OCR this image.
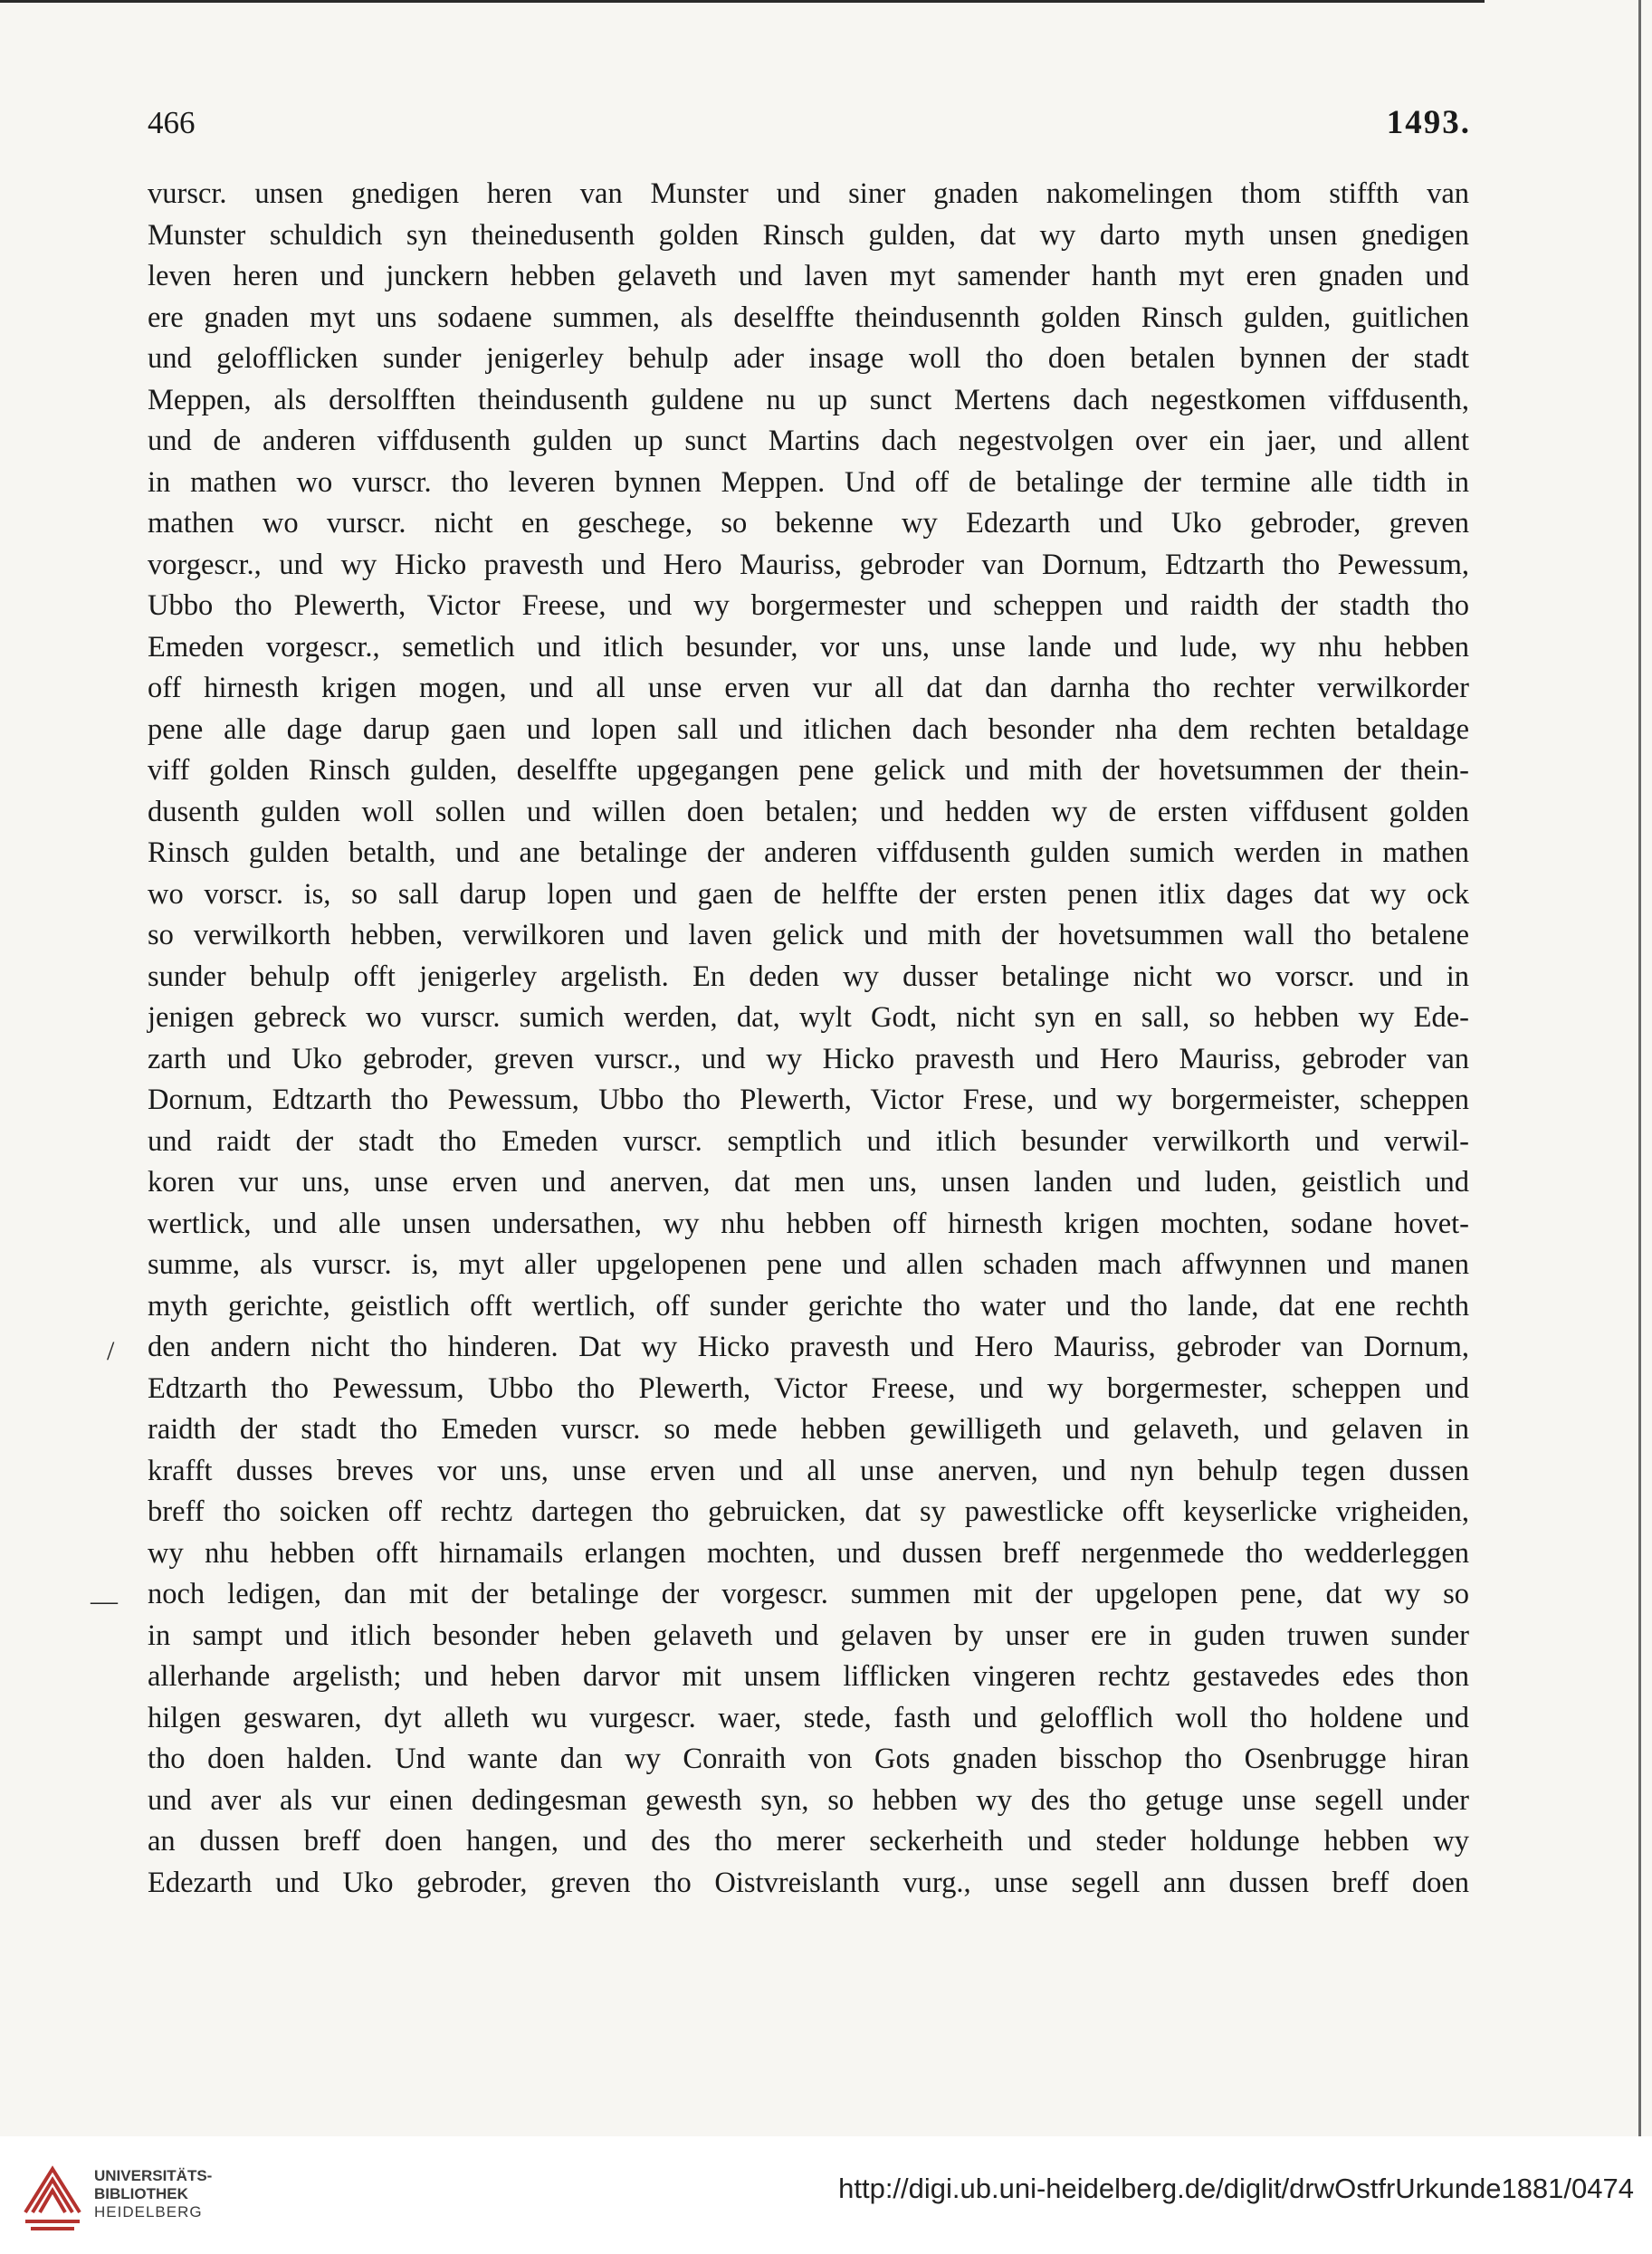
466	1493.
vurscr. unsen gnedigen heren van Munster und siner gnaden nakomelingen thom stiffth van
Munster schuldich syn theinedusenth golden Rinsch gulden, dat wy darto myth unsen gnedigen
leven heren und junckern hebben gelaveth und laven myt samender hanth myt eren gnaden und
ere gnaden myt uns sodaene summen, als deselffte theindusennth golden Rinsch gulden, guitlichen
und gelofflicken sunder jenigerley behulp ader insage woll tho doen betalen bynnen der stadt
Meppen, als dersolfften theindusenth guldene nu up sunct Mertens dach negestkomen viffdusenth,
und de anderen viffdusenth gulden up sunct Martins dach negestvolgen over ein jaer, und allent
in mathen wo vurscr. tho leveren bynnen Meppen. Und off de betalinge der termine alle tidth in
mathen wo vurscr. nicht en geschege, so bekenne wy Edezarth und Uko gebroder, greven
vorgescr., und wy Hicko pravesth und Hero Mauriss, gebroder van Dornum, Edtzarth tho Pewessum,
Ubbo tho Plewerth, Victor Freese, und wy borgermester und scheppen und raidth der stadth tho
Emeden vorgescr., semetlich und itlich besunder, vor uns, unse lande und lude, wy nhu hebben
off hirnesth krigen mogen, und all unse erven vur all dat dan darnha tho rechter verwilkorder
pene alle dage darup gaen und lopen sall und itlichen dach besonder nha dem rechten betaldage
viff golden Rinsch gulden, deselffte upgegangen pene gelick und mith der hovetsummen der thein-
dusenth gulden woll sollen und willen doen betalen; und hedden wy de ersten viffdusent golden
Rinsch gulden betalth, und ane betalinge der anderen viffdusenth gulden sumich werden in mathen
wo vorscr. is, so sall darup lopen und gaen de helffte der ersten penen itlix dages dat wy ock
so verwilkorth hebben, verwilkoren und laven gelick und mith der hovetsummen wall tho betalene
sunder behulp offt jenigerley argelisth. En deden wy dusser betalinge nicht wo vorscr. und in
jenigen gebreck wo vurscr. sumich werden, dat, wylt Godt, nicht syn en sall, so hebben wy Ede-
zarth und Uko gebroder, greven vurscr., und wy Hicko pravesth und Hero Mauriss, gebroder van
Dornum, Edtzarth tho Pewessum, Ubbo tho Plewerth, Victor Frese, und wy borgermeister, scheppen
und raidt der stadt tho Emeden vurscr. semptlich und itlich besunder verwilkorth und verwil-
koren vur uns, unse erven und anerven, dat men uns, unsen landen und luden, geistlich und
wertlick, und alle unsen undersathen, wy nhu hebben off hirnesth krigen mochten, sodane hovet-
summe, als vurscr. is, myt aller upgelopenen pene und allen schaden mach affwynnen und manen
myth gerichte, geistlich offt wertlich, off sunder gerichte tho water und tho lande, dat ene rechth
den andern nicht tho hinderen. Dat wy Hicko pravesth und Hero Mauriss, gebroder van Dornum,
Edtzarth tho Pewessum, Ubbo tho Plewerth, Victor Freese, und wy borgermester, scheppen und
raidth der stadt tho Emeden vurscr. so mede hebben gewilligeth und gelaveth, und gelaven in
krafft dusses breves vor uns, unse erven und all unse anerven, und nyn behulp tegen dussen
breff tho soicken off rechtz dartegen tho gebruicken, dat sy pawestlicke offt keyserlicke vrigheiden,
wy nhu hebben offt hirnamails erlangen mochten, und dussen breff nergenmede tho wedderleggen
noch ledigen, dan mit der betalinge der vorgescr. summen mit der upgelopen pene, dat wy so
in sampt und itlich besonder heben gelaveth und gelaven by unser ere in guden truwen sunder
allerhande argelisth; und heben darvor mit unsem lifflicken vingeren rechtz gestavedes edes thon
hilgen geswaren, dyt alleth wu vurgescr. waer, stede, fasth und gelofflich woll tho holdene und
tho doen halden. Und wante dan wy Conraith von Gots gnaden bisschop tho Osenbrugge hiran
und aver als vur einen dedingesman gewesth syn, so hebben wy des tho getuge unse segell under
an dussen breff doen hangen, und des tho merer seckerheith und steder holdunge hebben wy
Edezarth und Uko gebroder, greven tho Oistvreislanth vurg., unse segell ann dussen breff doen
/
—
UNIVERSITÄTS-
BIBLIOTHEK
HEIDELBERG
http://digi.ub.uni-heidelberg.de/diglit/drwOstfrUrkunde1881/0474
